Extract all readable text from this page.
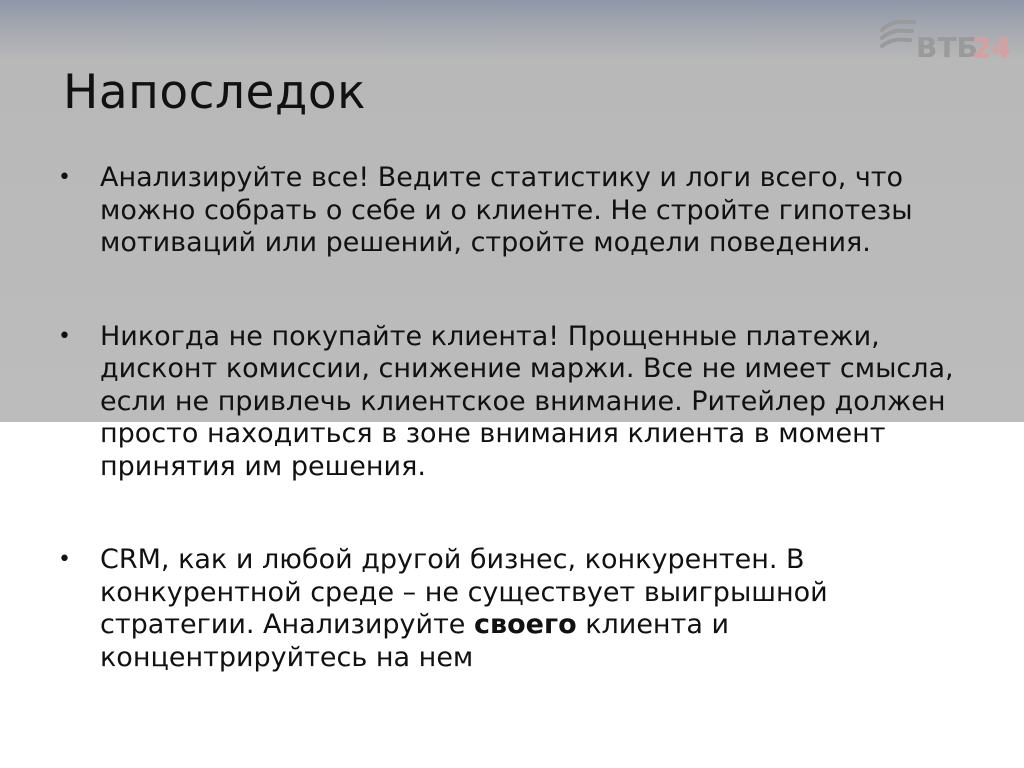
ВТБ
24
Напоследок
• Анализируйте все! Ведите статистику и логи всего, что можно собрать о себе и о клиенте. Не стройте гипотезы мотиваций или решений, стройте модели поведения.
• Никогда не покупайте клиента! Прощенные платежи, дисконт комиссии, снижение маржи. Все не имеет смысла, если не привлечь клиентское внимание. Ритейлер должен просто находиться в зоне внимания клиента в момент принятия им решения.
• CRM, как и любой другой бизнес, конкурентен. В конкурентной среде – не существует выигрышной стратегии. Анализируйте своего клиента и концентрируйтесь на нем
